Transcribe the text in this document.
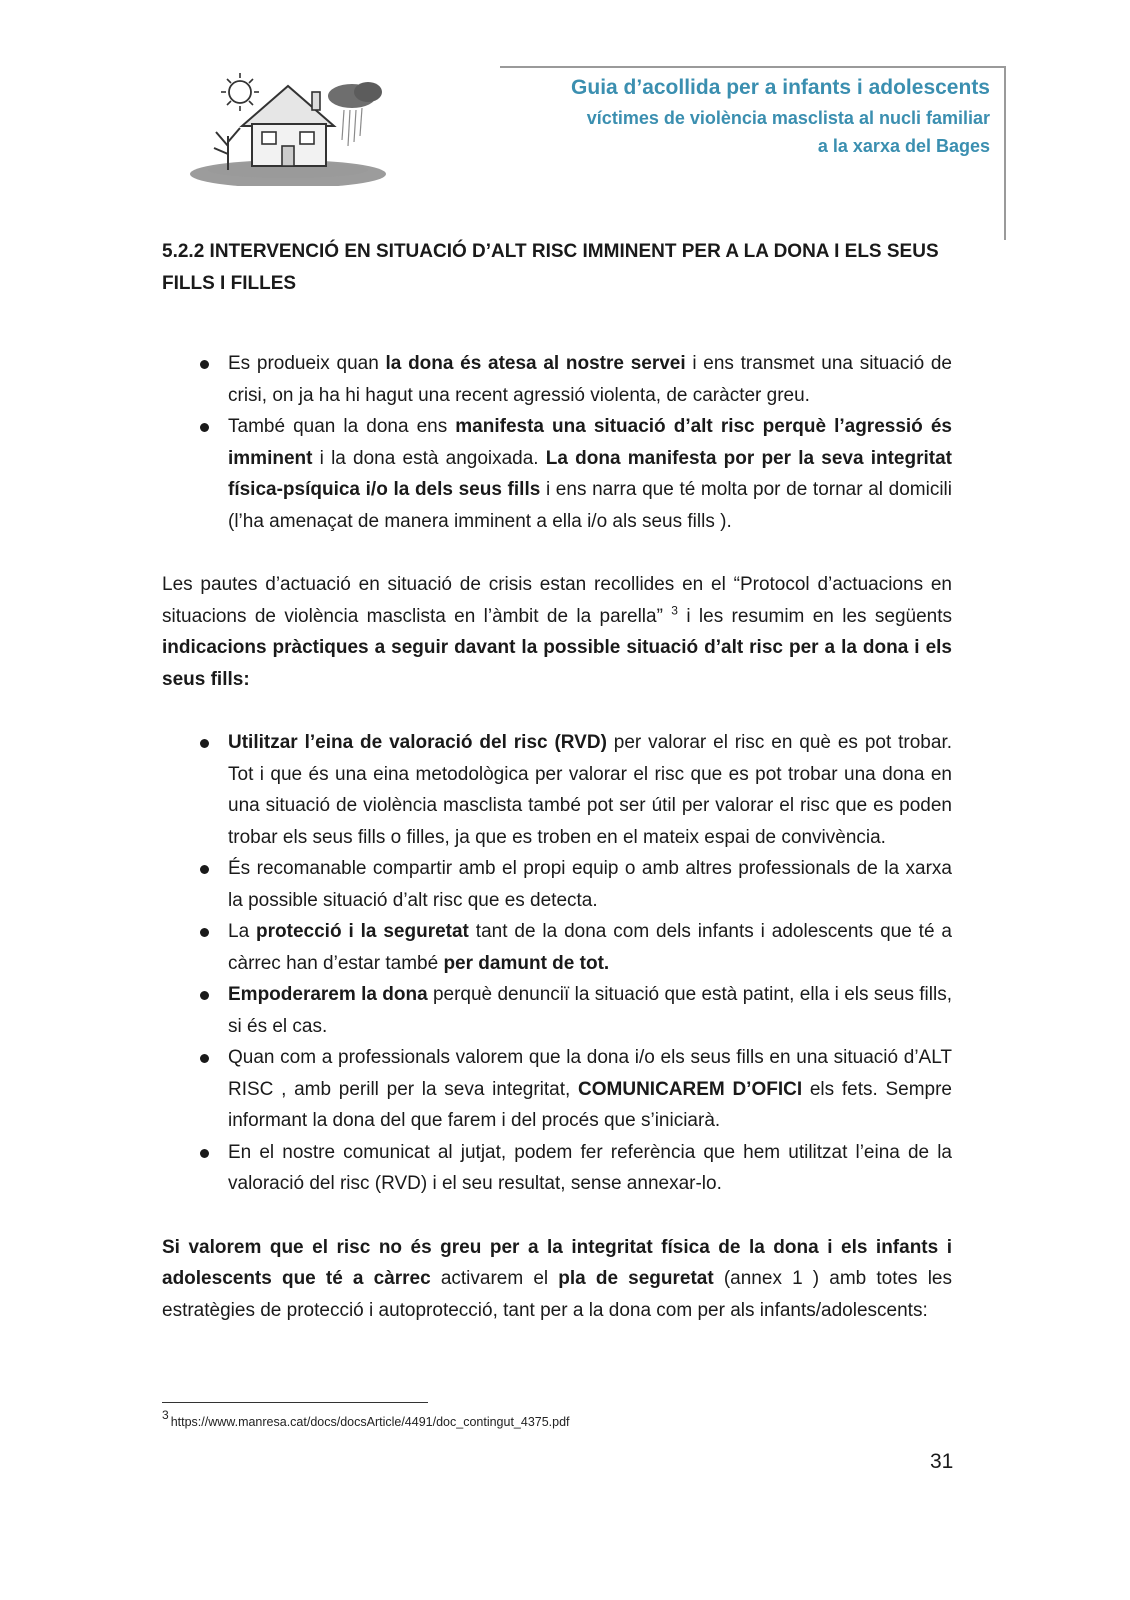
Guia d’acollida per a infants i adolescents
víctimes de violència masclista al nucli familiar
a la xarxa del Bages

5.2.2 INTERVENCIÓ EN SITUACIÓ D’ALT RISC IMMINENT PER A LA DONA I ELS SEUS FILLS I FILLES

Es produeix quan la dona és atesa al nostre servei i ens transmet una situació de crisi, on ja ha hi hagut una recent agressió violenta, de caràcter greu.
També quan la dona ens manifesta una situació d’alt risc perquè l’agressió és imminent i la dona està angoixada. La dona manifesta por per la seva integritat física-psíquica i/o la dels seus fills i ens narra que té molta por de tornar al domicili (l’ha amenaçat de manera imminent a ella i/o als seus fills ).

Les pautes d’actuació en situació de crisis estan recollides en el “Protocol d’actuacions en situacions de violència masclista en l’àmbit de la parella” $^3$ i les resumim en les següents indicacions pràctiques a seguir davant la possible situació d’alt risc per a la dona i els seus fills:

Utilitzar l’eina de valoració del risc (RVD) per valorar el risc en què es pot trobar. Tot i que és una eina metodològica per valorar el risc que es pot trobar una dona en una situació de violència masclista també pot ser útil per valorar el risc que es poden trobar els seus fills o filles, ja que es troben en el mateix espai de convivència.
És recomanable compartir amb el propi equip o amb altres professionals de la xarxa la possible situació d’alt risc que es detecta.
La protecció i la seguretat tant de la dona com dels infants i adolescents que té a càrrec han d’estar també per damunt de tot.
Empoderarem la dona perquè denunciï la situació que està patint, ella i els seus fills, si és el cas.
Quan com a professionals valorem que la dona i/o els seus fills en una situació d’ALT RISC , amb perill per la seva integritat, COMUNICAREM D’OFICI els fets. Sempre informant la dona del que farem i del procés que s’iniciarà.
En el nostre comunicat al jutjat, podem fer referència que hem utilitzat l’eina de la valoració del risc (RVD) i el seu resultat, sense annexar-lo.

Si valorem que el risc no és greu per a la integritat física de la dona i els infants i adolescents que té a càrrec activarem el pla de seguretat (annex 1 ) amb totes les estratègies de protecció i autoprotecció, tant per a la dona com per als infants/adolescents:

$^3$https://www.manresa.cat/docs/docsArticle/4491/doc_contingut_4375.pdf
31
